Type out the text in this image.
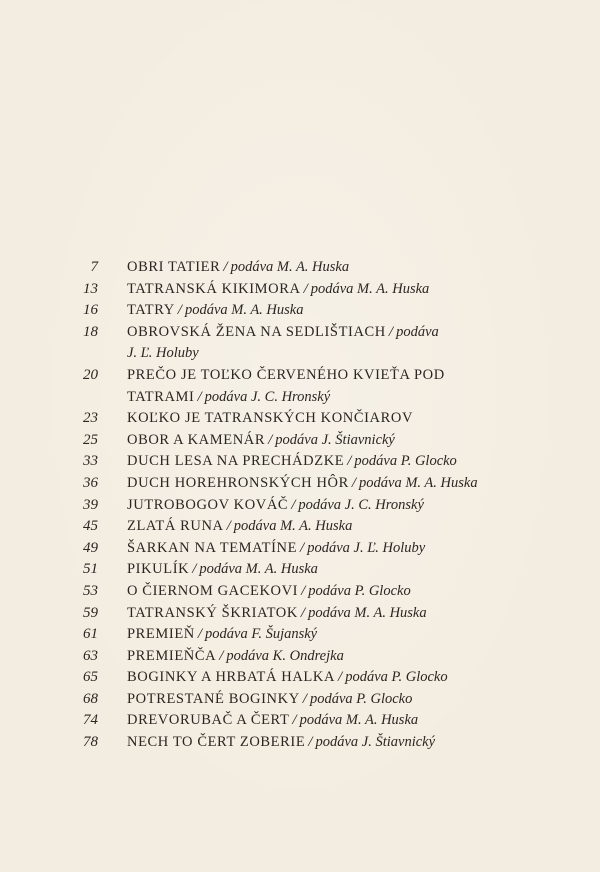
7 OBRI TATIER / podáva M. A. Huska
13 TATRANSKÁ KIKIMORA / podáva M. A. Huska
16 TATRY / podáva M. A. Huska
18 OBROVSKÁ ŽENA NA SEDLIŠTIACH / podáva
J. Ľ. Holuby
20 PREČO JE TOĽKO ČERVENÉHO KVIEŤA POD
TATRAMI / podáva J. C. Hronský
23 KOĽKO JE TATRANSKÝCH KONČIAROV
25 OBOR A KAMENÁR / podáva J. Štiavnický
33 DUCH LESA NA PRECHÁDZKE / podáva P. Glocko
36 DUCH HOREHRONSKÝCH HÔR / podáva M. A. Huska
39 JUTROBOGOV KOVÁČ / podáva J. C. Hronský
45 ZLATÁ RUNA / podáva M. A. Huska
49 ŠARKAN NA TEMATÍNE / podáva J. Ľ. Holuby
51 PIKULÍK / podáva M. A. Huska
53 O ČIERNOM GACEKOVI / podáva P. Glocko
59 TATRANSKÝ ŠKRIATOK / podáva M. A. Huska
61 PREMIEŇ / podáva F. Šujanský
63 PREMIEŇČA / podáva K. Ondrejka
65 BOGINKY A HRBATÁ HALKA / podáva P. Glocko
68 POTRESTANÉ BOGINKY / podáva P. Glocko
74 DREVORUBAČ A ČERT / podáva M. A. Huska
78 NECH TO ČERT ZOBERIE / podáva J. Štiavnický
